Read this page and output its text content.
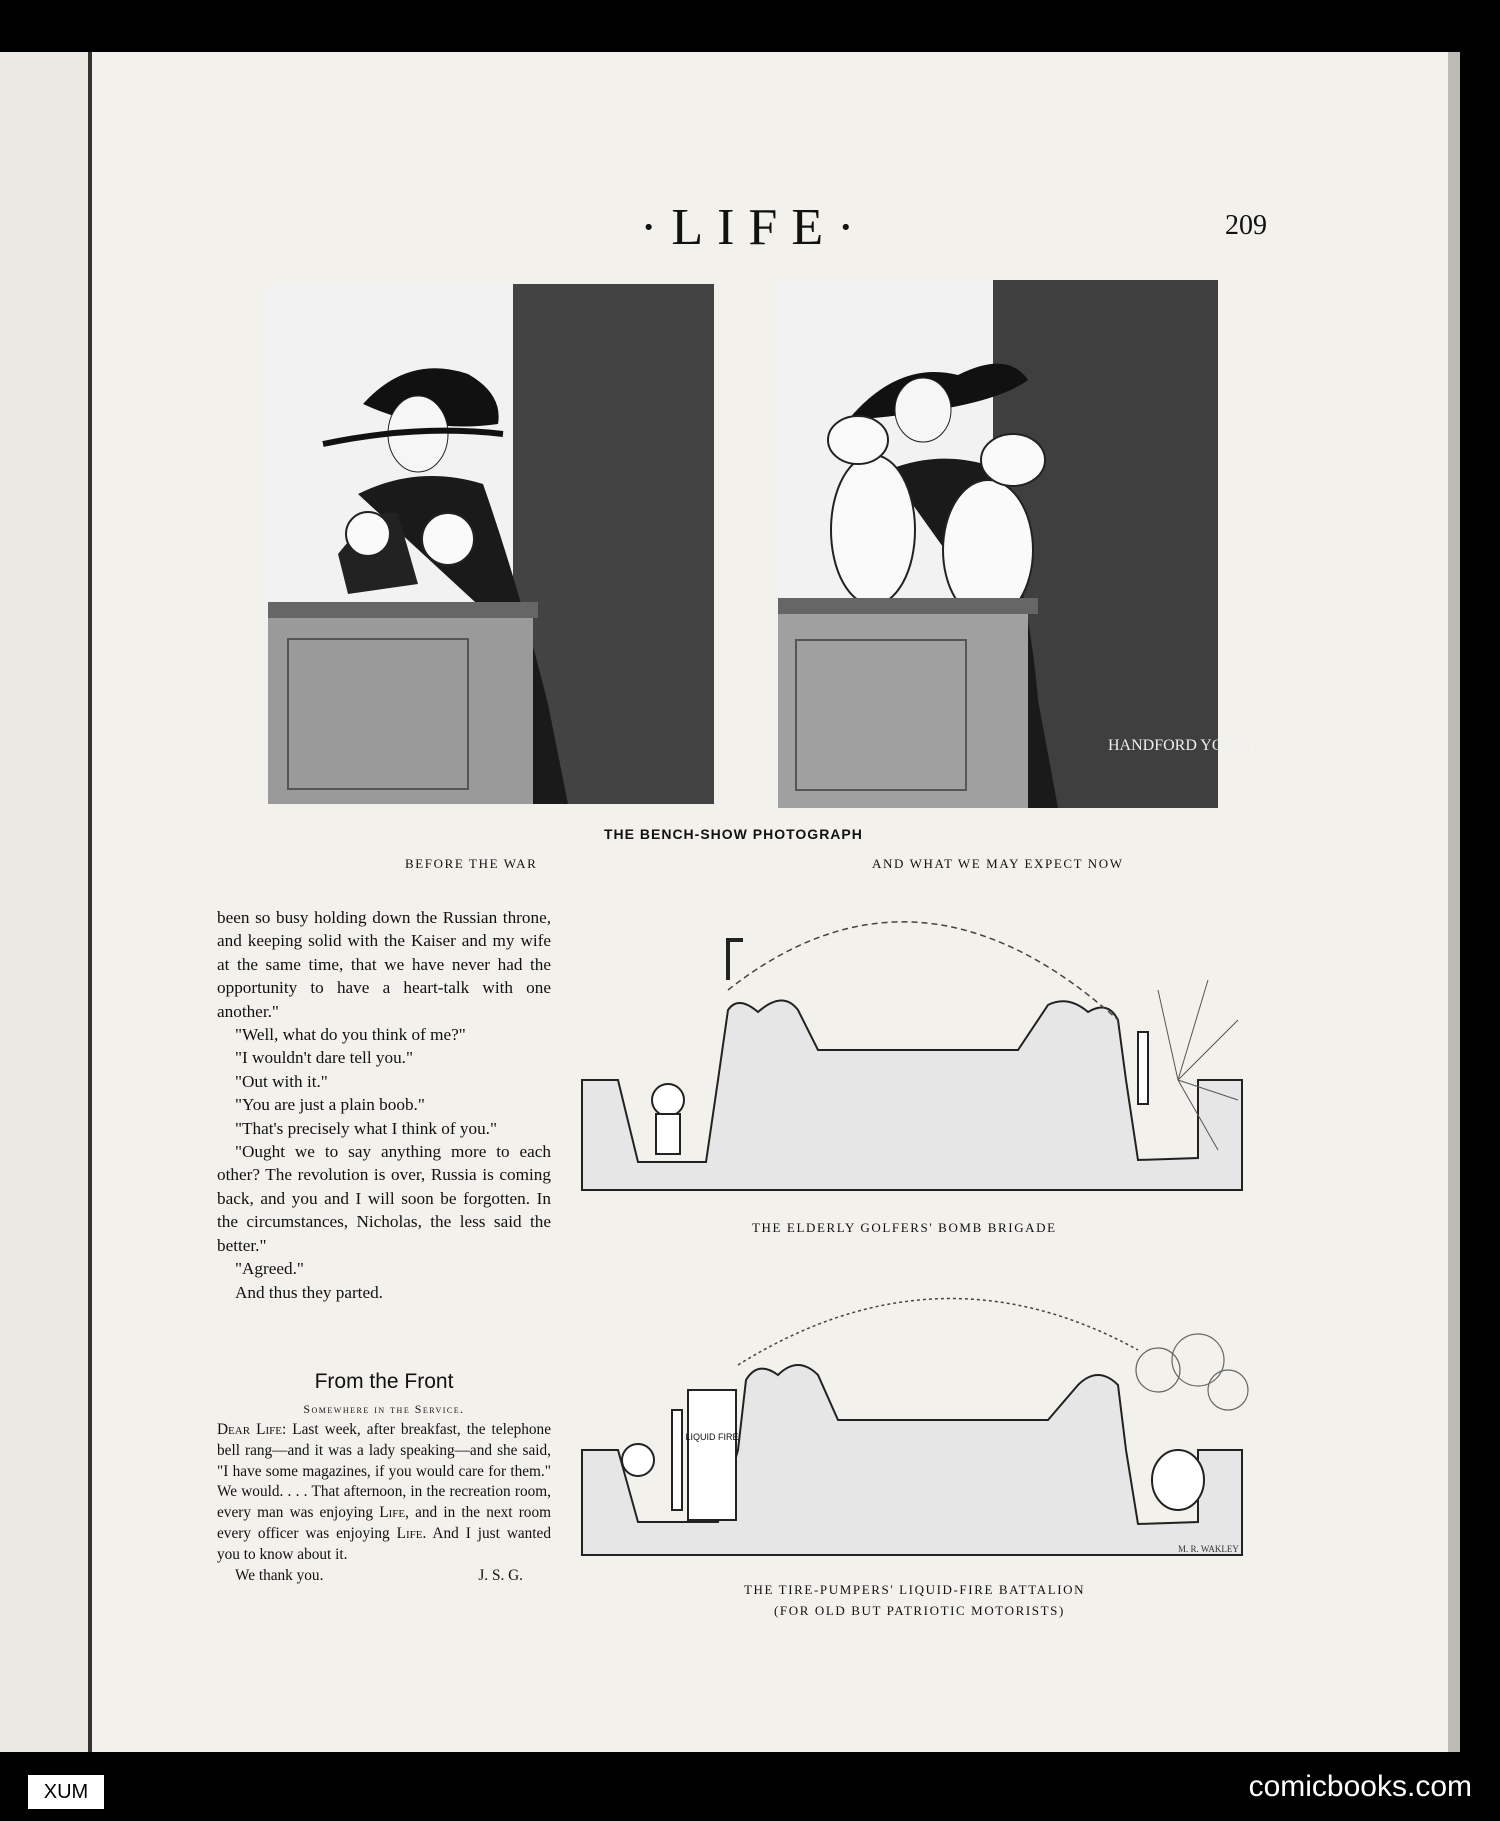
·LIFE·	209
HANDFORD YOUNG
THE BENCH-SHOW PHOTOGRAPH
BEFORE THE WAR	AND WHAT WE MAY EXPECT NOW
THE ELDERLY GOLFERS' BOMB BRIGADE
LIQUID FIRE
M. R. WAKLEY
THE TIRE-PUMPERS' LIQUID-FIRE BATTALION
(FOR OLD BUT PATRIOTIC MOTORISTS)

been so busy holding down the Russian throne, and keeping solid with the Kaiser and my wife at the same time, that we have never had the opportunity to have a heart-talk with one another."

"Well, what do you think of me?"

"I wouldn't dare tell you."

"Out with it."

"You are just a plain boob."

"That's precisely what I think of you."

"Ought we to say anything more to each other? The revolution is over, Russia is coming back, and you and I will soon be forgotten. In the circumstances, Nicholas, the less said the better."

"Agreed."

And thus they parted.

From the Front
Somewhere in the Service.

Dear Life: Last week, after breakfast, the telephone bell rang—and it was a lady speaking—and she said, "I have some magazines, if you would care for them." We would. . . . That afternoon, in the recreation room, every man was enjoying Life, and in the next room every officer was enjoying Life. And I just wanted you to know about it.

We thank you.	J. S. G.
XUM	comicbooks.com
